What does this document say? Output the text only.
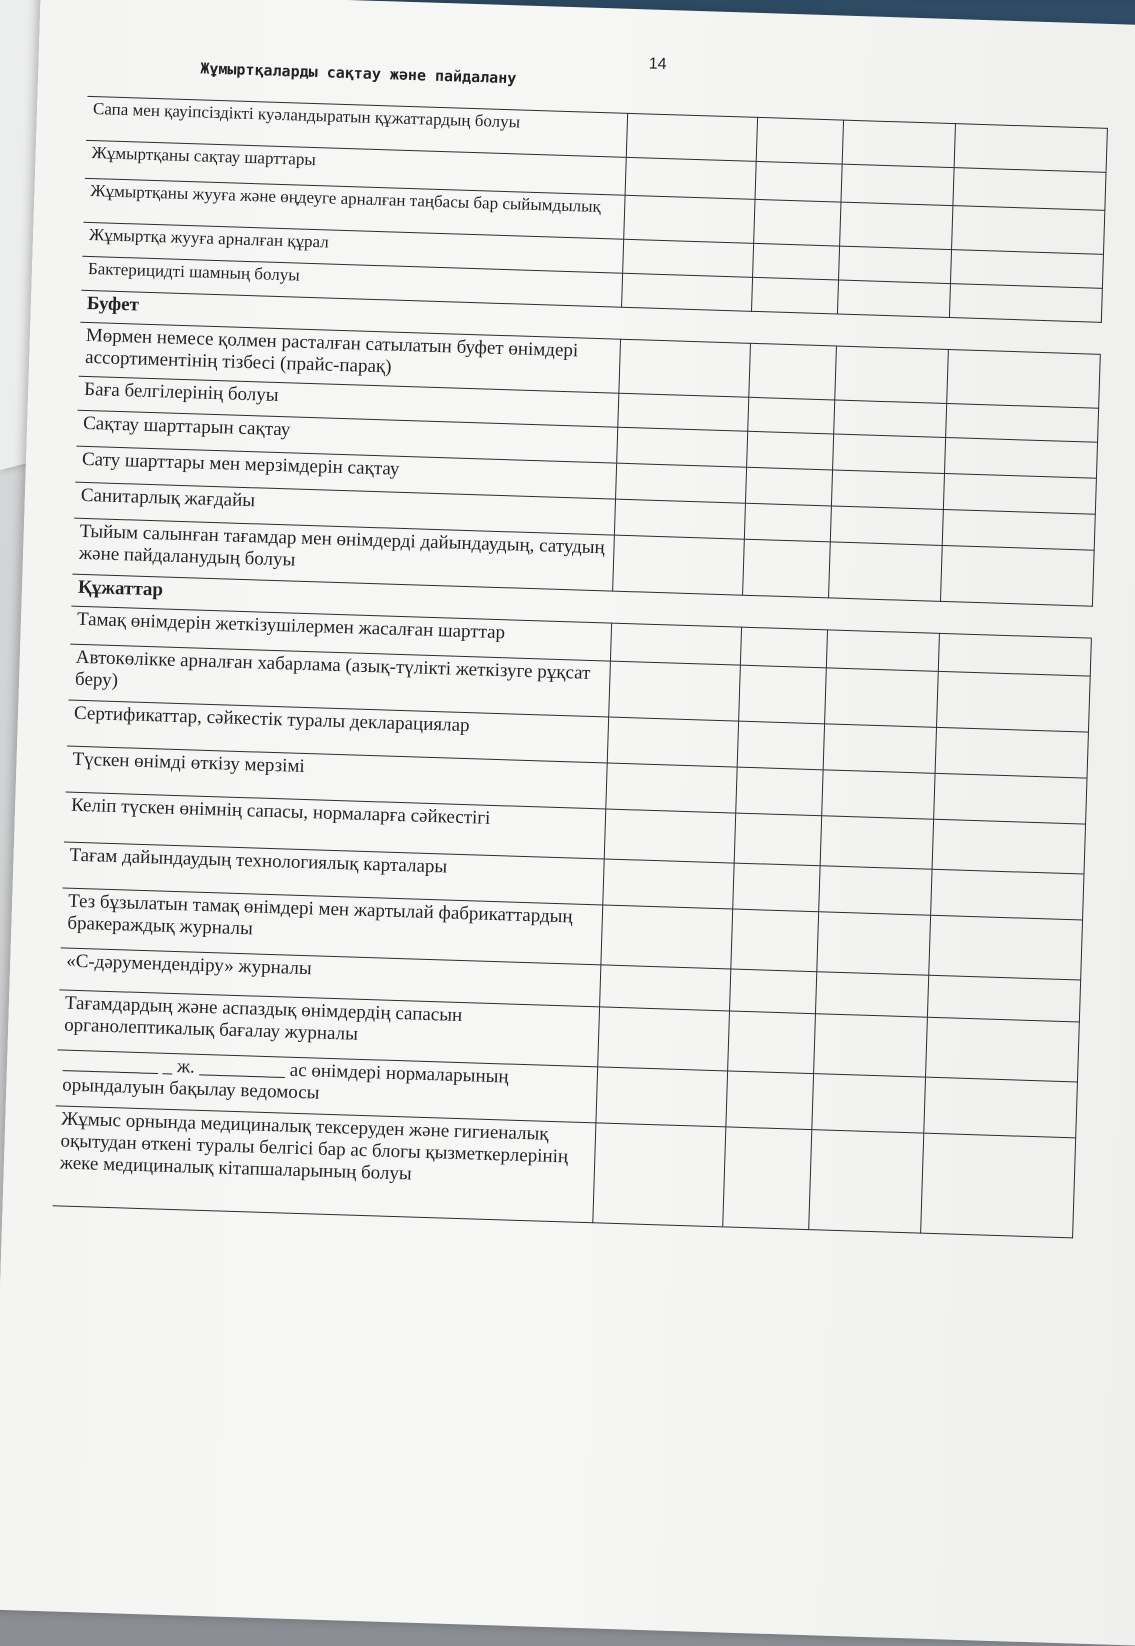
14
Жұмыртқаларды сақтау және пайдалану
Сапа мен қауіпсіздікті куәландыратын құжаттардың болуы				
Жұмыртқаны сақтау шарттары				
Жұмыртқаны жууға және өңдеуге арналған таңбасы бар сыйымдылық				
Жұмыртқа жууға арналған құрал				
Бактерицидті шамның болуы				
Буфет				
Мөрмен немесе қолмен расталған сатылатын буфет өнімдері ассортиментінің тізбесі (прайс-парақ)				
Баға белгілерінің болуы				
Сақтау шарттарын сақтау				
Сату шарттары мен мерзімдерін сақтау				
Санитарлық жағдайы				
Тыйым салынған тағамдар мен өнімдерді дайындаудың, сатудың және пайдаланудың болуы				
Құжаттар				
Тамақ өнімдерін жеткізушілермен жасалған шарттар				
Автокөлікке арналған хабарлама (азық-түлікті жеткізуге рұқсат беру)				
Сертификаттар, сәйкестік туралы декларациялар				
Түскен өнімді өткізу мерзімі				
Келіп түскен өнімнің сапасы, нормаларға сәйкестігі				
Тағам дайындаудың технологиялық карталары				
Тез бұзылатын тамақ өнімдері мен жартылай фабрикаттардың бракераждық журналы				
«С-дәрумендендіру» журналы				
Тағамдардың және аспаздық өнімдердің сапасын органолептикалық бағалау журналы				
__________ _ ж. _________ ас өнімдері нормаларының орындалуын бақылау ведомосы				
Жұмыс орнында медициналық тексеруден және гигиеналық оқытудан өткені туралы белгісі бар ас блогы қызметкерлерінің жеке медициналық кітапшаларының болуы				
